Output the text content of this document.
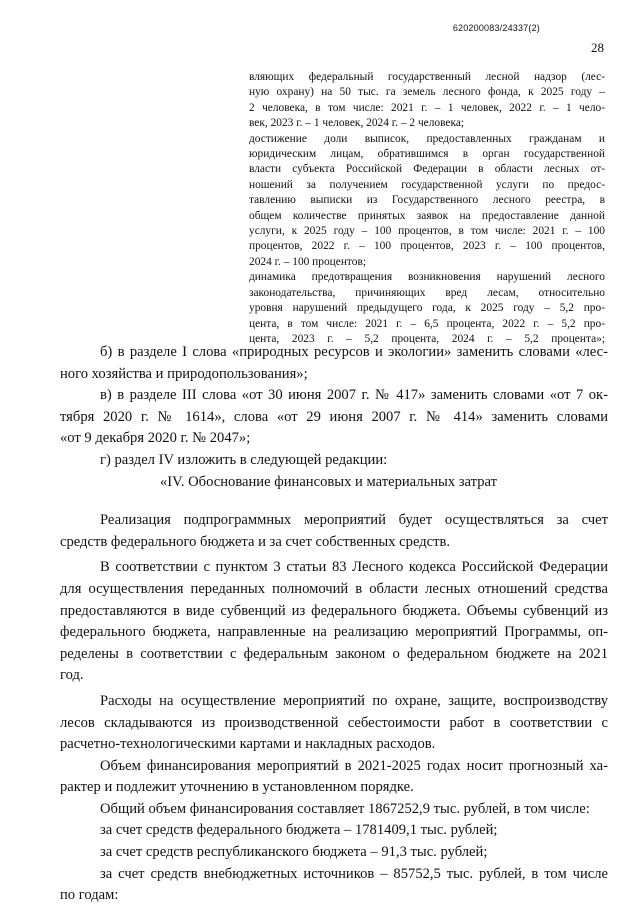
620200083/24337(2)
28
вляющих федеральный государственный лесной надзор (лес-
ную охрану) на 50 тыс. га земель лесного фонда, к 2025 году –
2 человека, в том числе: 2021 г. – 1 человек, 2022 г. – 1 чело-
век, 2023 г. – 1 человек, 2024 г. – 2 человека;
достижение доли выписок, предоставленных гражданам и
юридическим лицам, обратившимся в орган государственной
власти субъекта Российской Федерации в области лесных от-
ношений за получением государственной услуги по предос-
тавлению выписки из Государственного лесного реестра, в
общем количестве принятых заявок на предоставление данной
услуги, к 2025 году – 100 процентов, в том числе: 2021 г. – 100
процентов, 2022 г. – 100 процентов, 2023 г. – 100 процентов,
2024 г. – 100 процентов;
динамика предотвращения возникновения нарушений лесного
законодательства, причиняющих вред лесам, относительно
уровня нарушений предыдущего года, к 2025 году – 5,2 про-
цента, в том числе: 2021 г. – 6,5 процента, 2022 г. – 5,2 про-
цента, 2023 г. – 5,2 процента, 2024 г. – 5,2 процента»;
б) в разделе I слова «природных ресурсов и экологии» заменить словами «лес-
ного хозяйства и природопользования»;
в) в разделе III слова «от 30 июня 2007 г. № 417» заменить словами «от 7 ок-
тября 2020 г. № 1614», слова «от 29 июня 2007 г. № 414» заменить словами
«от 9 декабря 2020 г. № 2047»;
г) раздел IV изложить в следующей редакции:
«IV. Обоснование финансовых и материальных затрат
Реализация подпрограммных мероприятий будет осуществляться за счет
средств федерального бюджета и за счет собственных средств.
В соответствии с пунктом 3 статьи 83 Лесного кодекса Российской Федерации
для осуществления переданных полномочий в области лесных отношений средства
предоставляются в виде субвенций из федерального бюджета. Объемы субвенций из
федерального бюджета, направленные на реализацию мероприятий Программы, оп-
ределены в соответствии с федеральным законом о федеральном бюджете на 2021
год.
Расходы на осуществление мероприятий по охране, защите, воспроизводству
лесов складываются из производственной себестоимости работ в соответствии с
расчетно-технологическими картами и накладных расходов.
Объем финансирования мероприятий в 2021-2025 годах носит прогнозный ха-
рактер и подлежит уточнению в установленном порядке.
Общий объем финансирования составляет 1867252,9 тыс. рублей, в том числе:
за счет средств федерального бюджета – 1781409,1 тыс. рублей;
за счет средств республиканского бюджета – 91,3 тыс. рублей;
за счет средств внебюджетных источников – 85752,5 тыс. рублей, в том числе
по годам:
